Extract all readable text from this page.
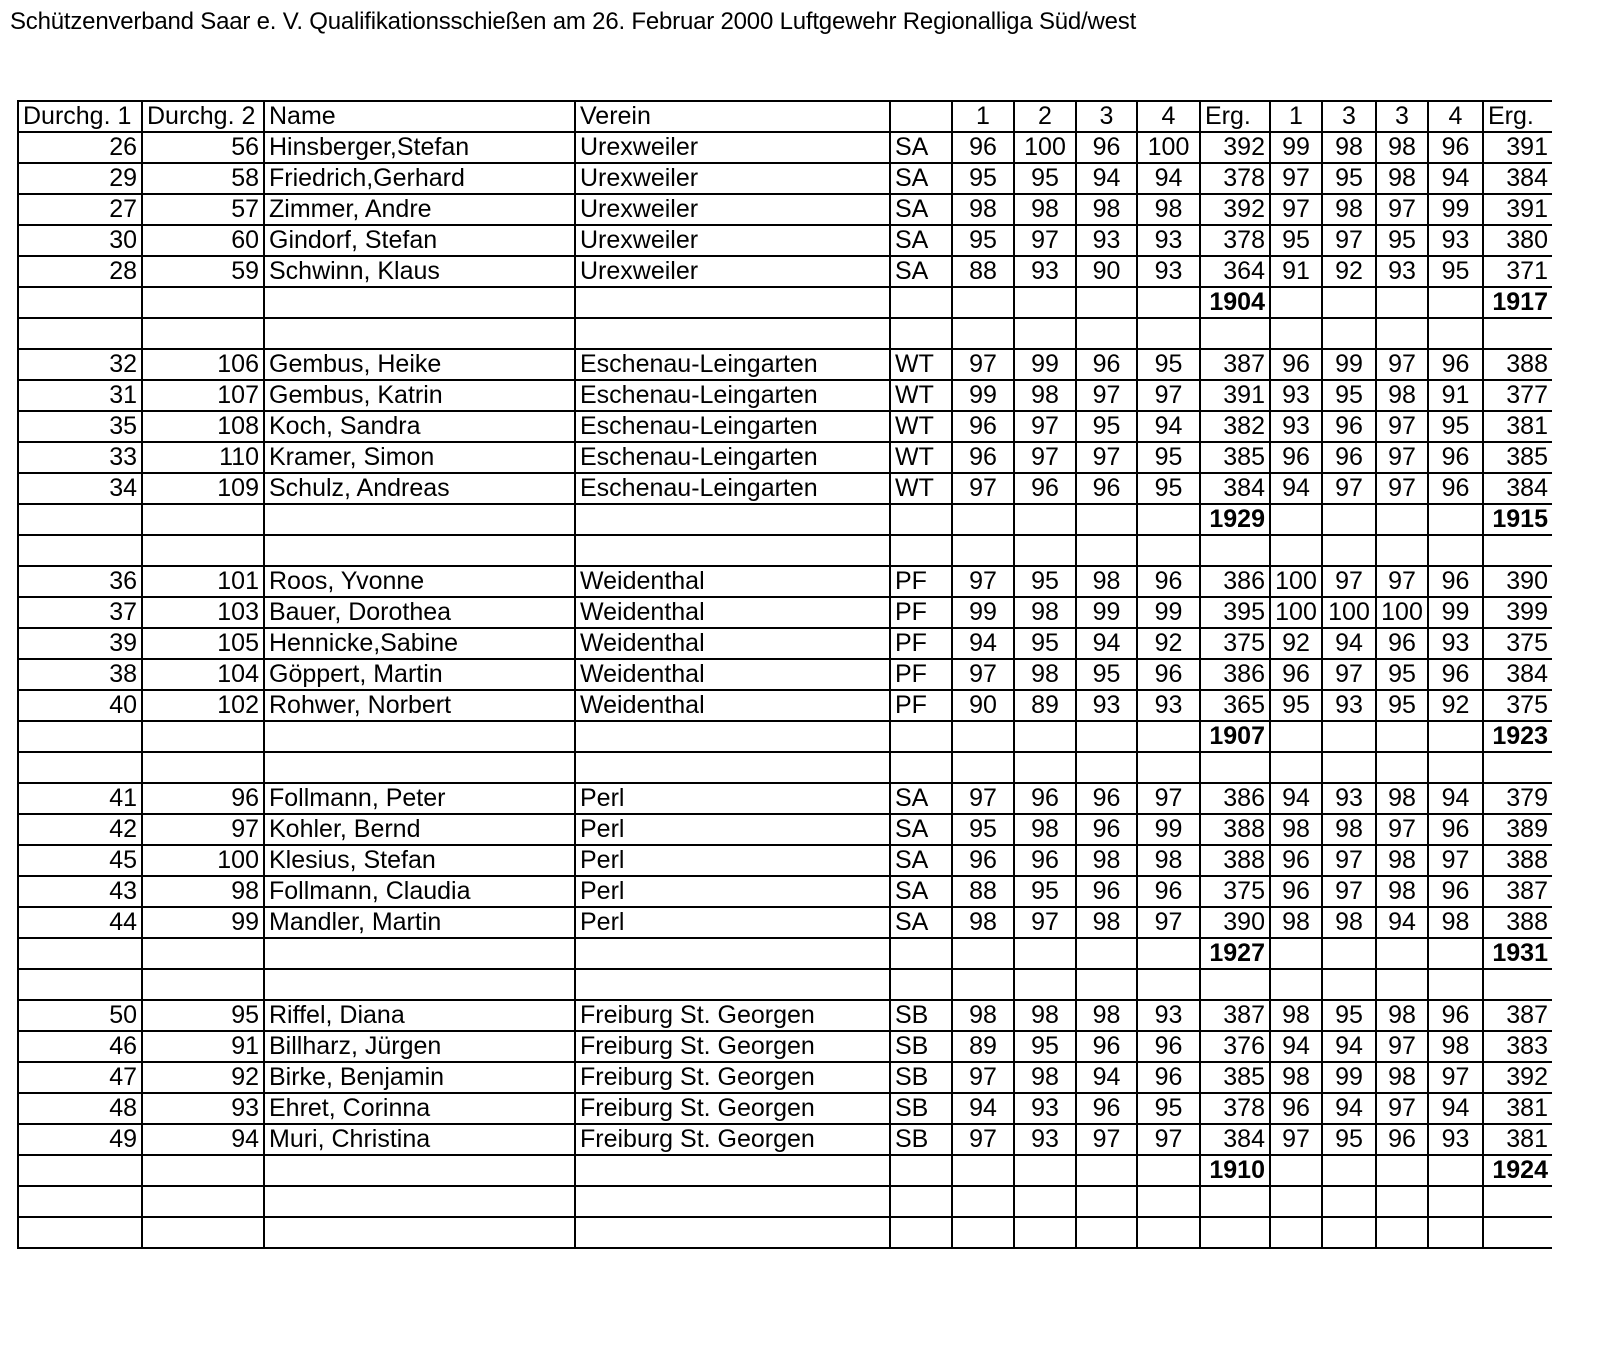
Schützenverband Saar e. V. Qualifikationsschießen am 26. Februar 2000 Luftgewehr Regionalliga Süd/west
Durchg. 1	Durchg. 2	Name	Verein		1	2	3	4	Erg.	1	3	3	4	Erg.
26	56	Hinsberger,Stefan	Urexweiler	SA	96	100	96	100	392	99	98	98	96	391
29	58	Friedrich,Gerhard	Urexweiler	SA	95	95	94	94	378	97	95	98	94	384
27	57	Zimmer, Andre	Urexweiler	SA	98	98	98	98	392	97	98	97	99	391
30	60	Gindorf, Stefan	Urexweiler	SA	95	97	93	93	378	95	97	95	93	380
28	59	Schwinn, Klaus	Urexweiler	SA	88	93	90	93	364	91	92	93	95	371
									1904					1917

32	106	Gembus, Heike	Eschenau-Leingarten	WT	97	99	96	95	387	96	99	97	96	388
31	107	Gembus, Katrin	Eschenau-Leingarten	WT	99	98	97	97	391	93	95	98	91	377
35	108	Koch, Sandra	Eschenau-Leingarten	WT	96	97	95	94	382	93	96	97	95	381
33	110	Kramer, Simon	Eschenau-Leingarten	WT	96	97	97	95	385	96	96	97	96	385
34	109	Schulz, Andreas	Eschenau-Leingarten	WT	97	96	96	95	384	94	97	97	96	384
									1929					1915

36	101	Roos, Yvonne	Weidenthal	PF	97	95	98	96	386	100	97	97	96	390
37	103	Bauer, Dorothea	Weidenthal	PF	99	98	99	99	395	100	100	100	99	399
39	105	Hennicke,Sabine	Weidenthal	PF	94	95	94	92	375	92	94	96	93	375
38	104	Göppert, Martin	Weidenthal	PF	97	98	95	96	386	96	97	95	96	384
40	102	Rohwer, Norbert	Weidenthal	PF	90	89	93	93	365	95	93	95	92	375
									1907					1923

41	96	Follmann, Peter	Perl	SA	97	96	96	97	386	94	93	98	94	379
42	97	Kohler, Bernd	Perl	SA	95	98	96	99	388	98	98	97	96	389
45	100	Klesius, Stefan	Perl	SA	96	96	98	98	388	96	97	98	97	388
43	98	Follmann, Claudia	Perl	SA	88	95	96	96	375	96	97	98	96	387
44	99	Mandler, Martin	Perl	SA	98	97	98	97	390	98	98	94	98	388
									1927					1931

50	95	Riffel, Diana	Freiburg St. Georgen	SB	98	98	98	93	387	98	95	98	96	387
46	91	Billharz, Jürgen	Freiburg St. Georgen	SB	89	95	96	96	376	94	94	97	98	383
47	92	Birke, Benjamin	Freiburg St. Georgen	SB	97	98	94	96	385	98	99	98	97	392
48	93	Ehret, Corinna	Freiburg St. Georgen	SB	94	93	96	95	378	96	94	97	94	381
49	94	Muri, Christina	Freiburg St. Georgen	SB	97	93	97	97	384	97	95	96	93	381
									1910					1924
